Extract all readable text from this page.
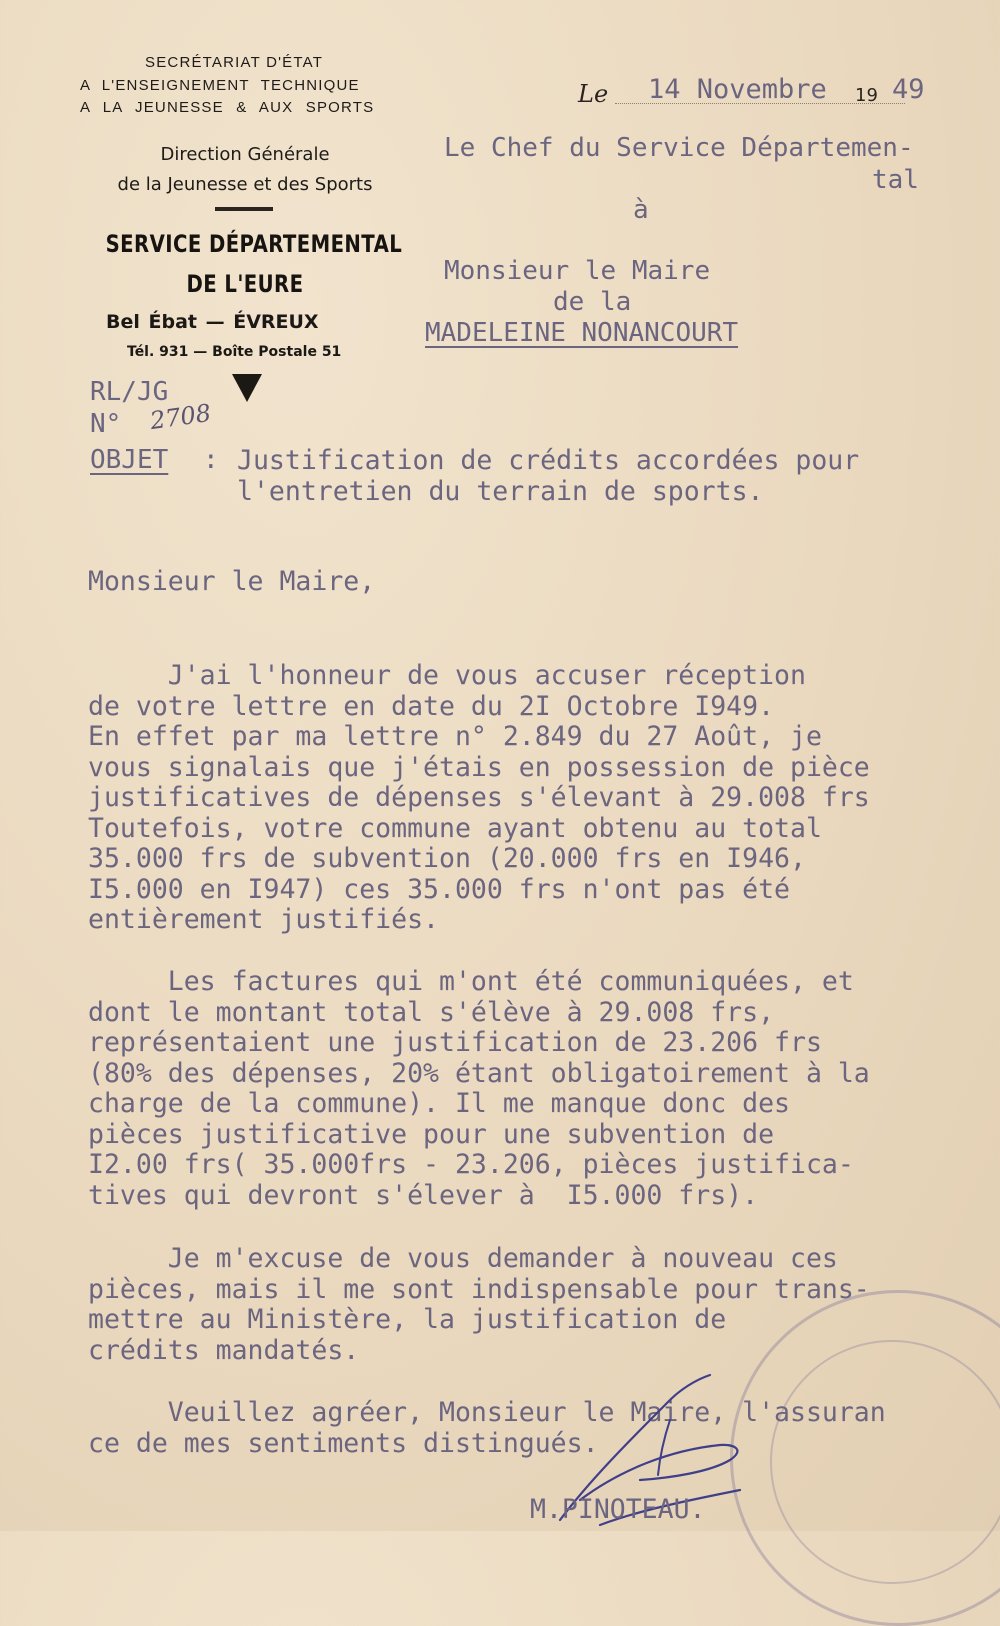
SECRÉTARIAT D'ÉTAT
A L'ENSEIGNEMENT TECHNIQUE
A LA JEUNESSE & AUX SPORTS
Direction Générale
de la Jeunesse et des Sports
SERVICE DÉPARTEMENTAL
DE L'EURE
Bel Ébat — ÉVREUX
Tél. 931 — Boîte Postale 51
Le 14 Novembre 19 49
Le Chef du Service Départemen-
tal
à
Monsieur le Maire
de la
MADELEINE NONANCOURT
RL/JG
N° 2708
OBJET : Justification de crédits accordées pour
l'entretien du terrain de sports.
Monsieur le Maire,
J'ai l'honneur de vous accuser réception
de votre lettre en date du 2I Octobre I949.
En effet par ma lettre n° 2.849 du 27 Août, je
vous signalais que j'étais en possession de pièce
justificatives de dépenses s'élevant à 29.008 frs
Toutefois, votre commune ayant obtenu au total
35.000 frs de subvention (20.000 frs en I946,
I5.000 en I947) ces 35.000 frs n'ont pas été
entièrement justifiés.
Les factures qui m'ont été communiquées, et
dont le montant total s'élève à 29.008 frs,
représentaient une justification de 23.206 frs
(80% des dépenses, 20% étant obligatoirement à la
charge de la commune). Il me manque donc des
pièces justificative pour une subvention de
I2.00 frs( 35.000frs - 23.206, pièces justifica-
tives qui devront s'élever à  I5.000 frs).
Je m'excuse de vous demander à nouveau ces
pièces, mais il me sont indispensable pour trans-
mettre au Ministère, la justification de
crédits mandatés.
Veuillez agréer, Monsieur le Maire, l'assuran
ce de mes sentiments distingués.
M.PINOTEAU.
